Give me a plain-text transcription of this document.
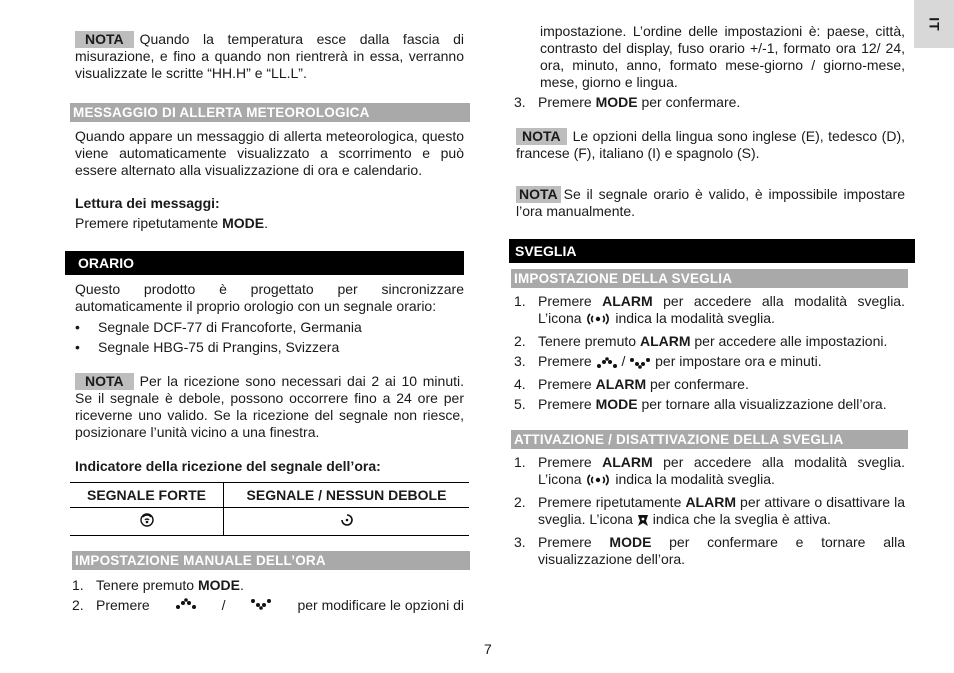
IT

NOTA Quando la temperatura esce dalla fascia di misurazione, e fino a quando non rientrerà in essa, verranno visualizzate le scritte “HH.H” e “LL.L”.

MESSAGGIO DI ALLERTA METEOROLOGICA

Quando appare un messaggio di allerta meteorologica, questo viene automaticamente visualizzato a scorrimento e può essere alternato alla visualizzazione di ora e calendario.

Lettura dei messaggi:

Premere ripetutamente MODE.

ORARIO

Questo prodotto è progettato per sincronizzare automaticamente il proprio orologio con un segnale orario:

• Segnale DCF-77 di Francoforte, Germania
• Segnale HBG-75 di Prangins, Svizzera

NOTA Per la ricezione sono necessari dai 2 ai 10 minuti. Se il segnale è debole, possono occorrere fino a 24 ore per riceverne uno valido. Se la ricezione del segnale non riesce, posizionare l’unità vicino a una finestra.

Indicatore della ricezione del segnale dell’ora:

SEGNALE FORTE	SEGNALE / NESSUN DEBOLE

IMPOSTAZIONE MANUALE DELL’ORA
1. Tenere premuto MODE.
2. Premere	/	per modificare le opzioni di

impostazione. L’ordine delle impostazioni è: paese, città, contrasto del display, fuso orario +/-1, formato ora 12/ 24, ora, minuto, anno, formato mese-giorno / giorno-mese, mese, giorno e lingua.

3. Premere MODE per confermare.

NOTA Le opzioni della lingua sono inglese (E), tedesco (D), francese (F), italiano (I) e spagnolo (S).

NOTA Se il segnale orario è valido, è impossibile impostare l’ora manualmente.

SVEGLIA
IMPOSTAZIONE DELLA SVEGLIA
1. Premere ALARM per accedere alla modalità sveglia. L’icona  indica la modalità sveglia.
2. Tenere premuto ALARM per accedere alle impostazioni.
3. Premere / per impostare ora e minuti.
4. Premere ALARM per confermare.
5. Premere MODE per tornare alla visualizzazione dell’ora.
ATTIVAZIONE / DISATTIVAZIONE DELLA SVEGLIA
1. Premere ALARM per accedere alla modalità sveglia. L’icona  indica la modalità sveglia.
2. Premere ripetutamente ALARM per attivare o disattivare la sveglia. L’icona  indica che la sveglia è attiva.
3. Premere MODE per confermare e tornare alla visualizzazione dell’ora.
7
